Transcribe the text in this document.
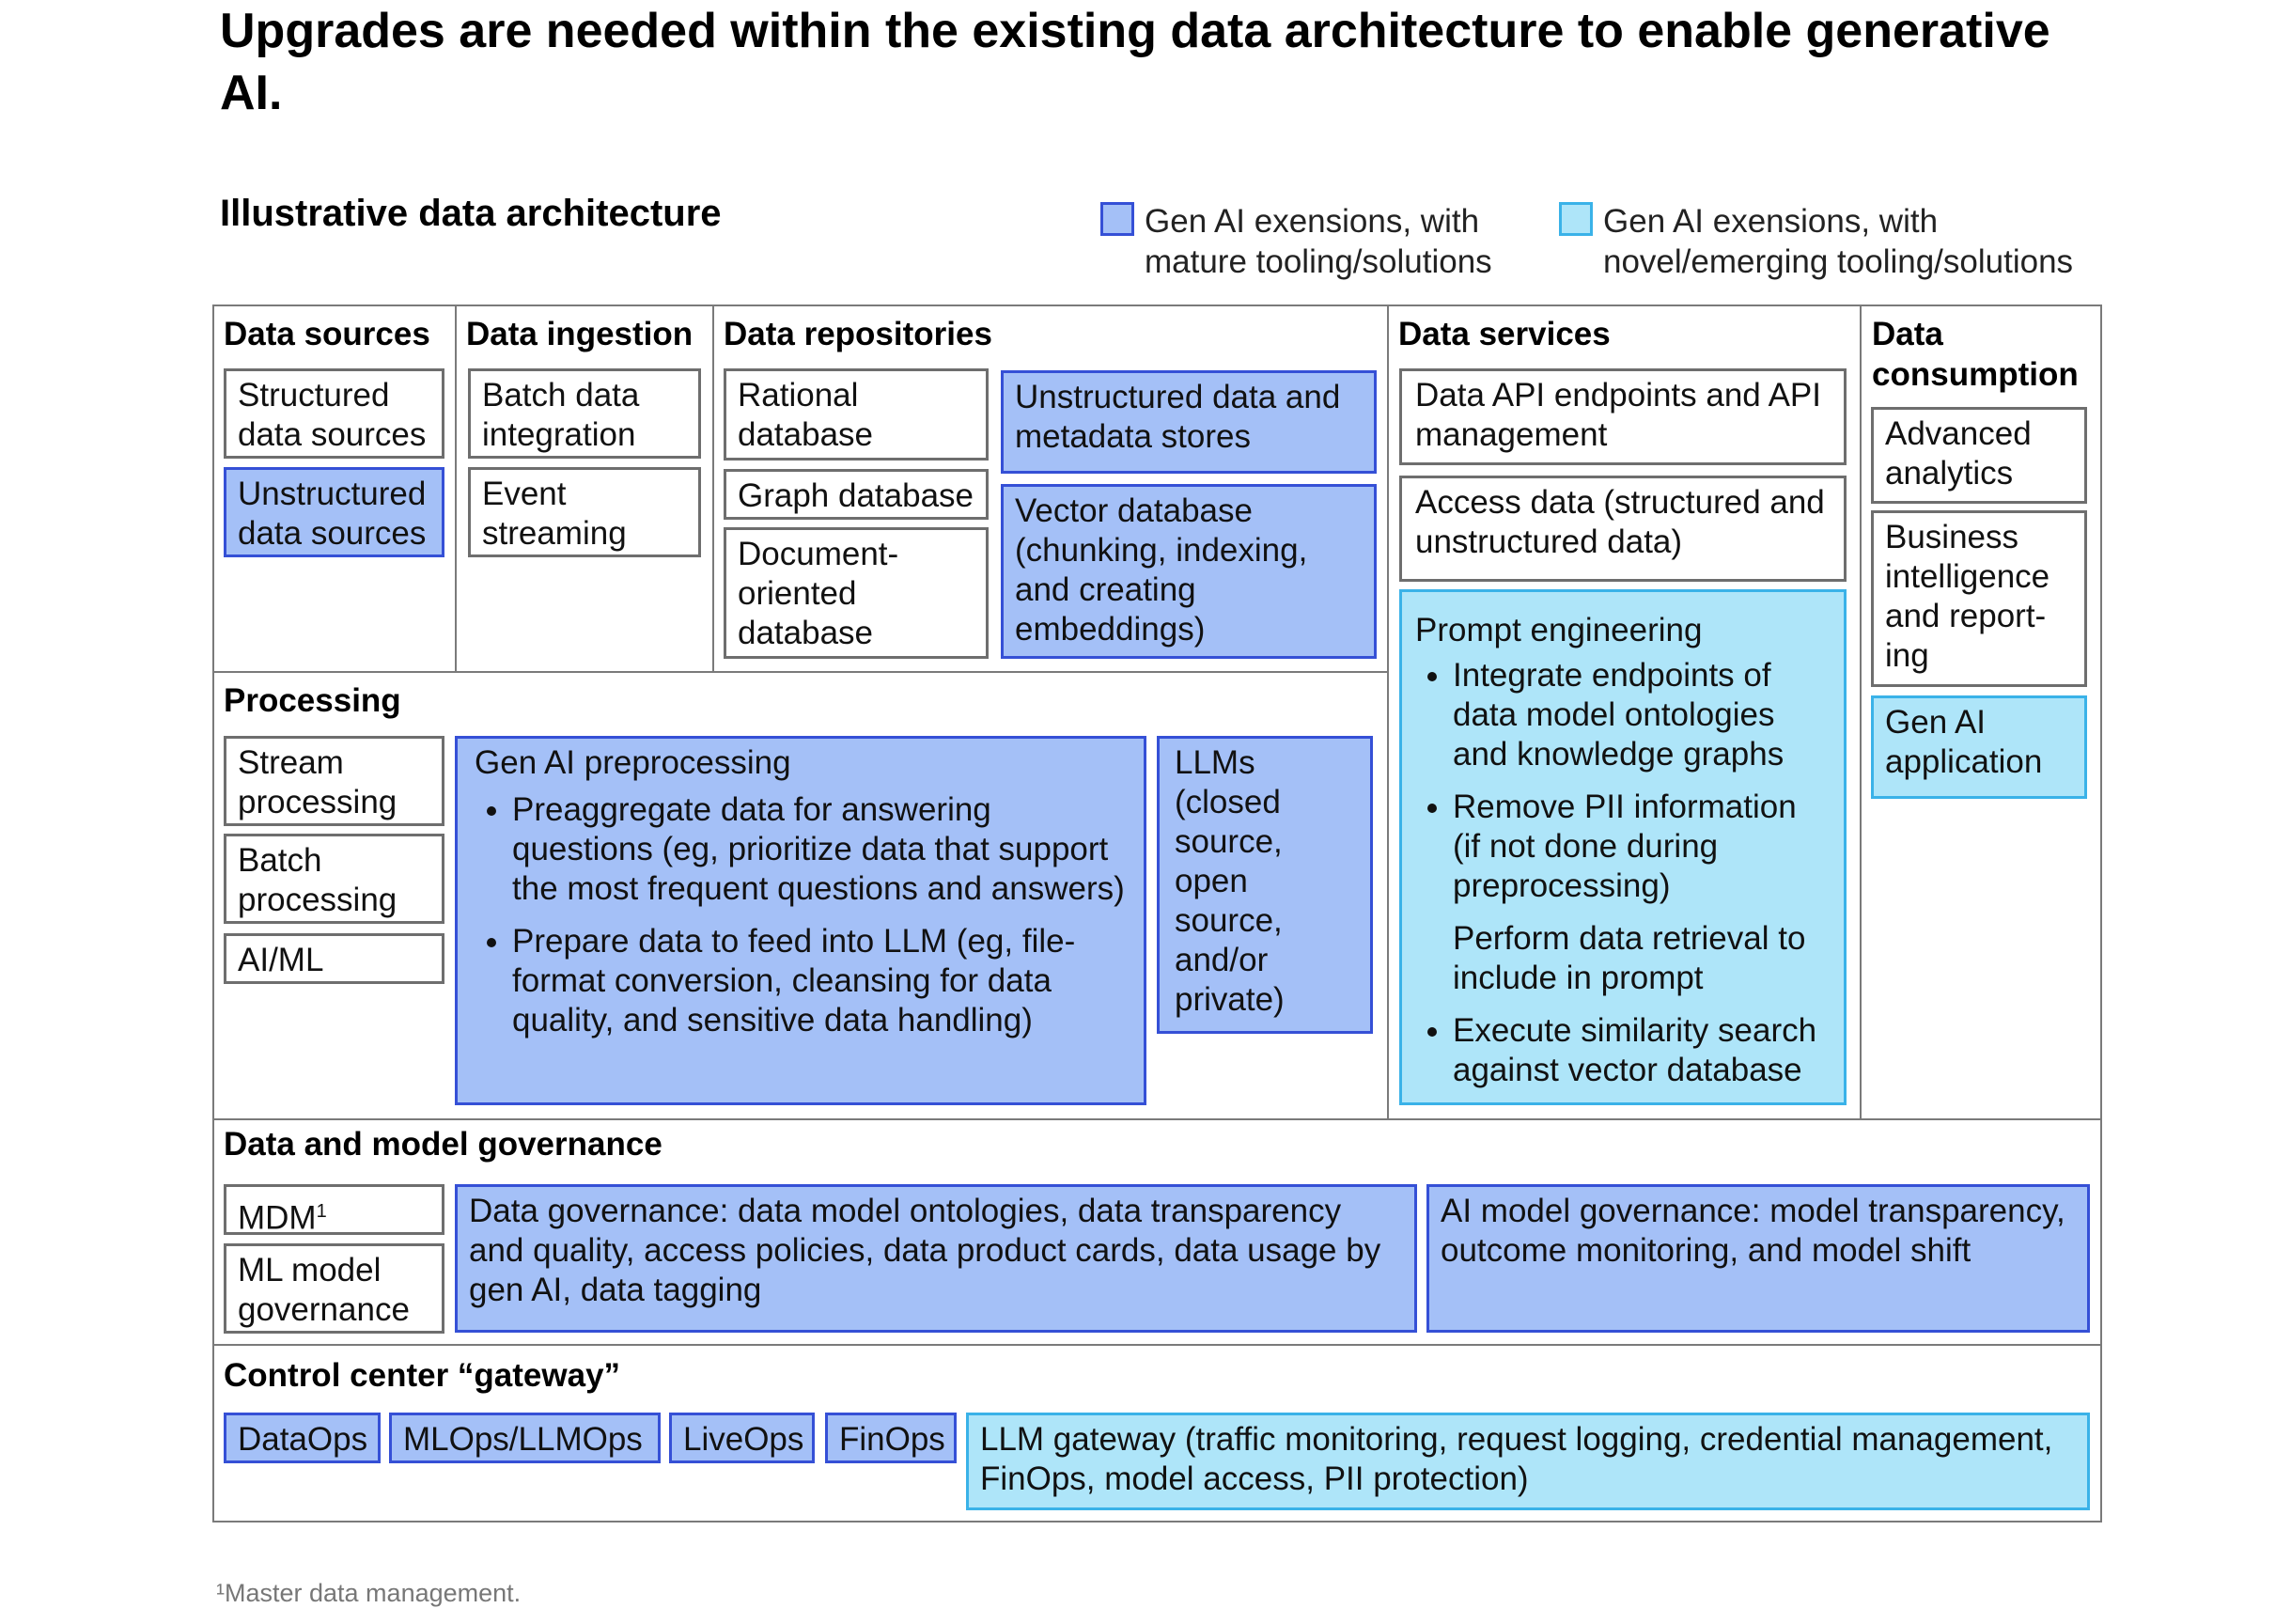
Upgrades are needed within the existing data architecture to enable generative AI.
Illustrative data architecture	Gen AI exensions, with mature tooling/solutions
Gen AI exensions, with novel/emerging tooling/solutions
Data sources
Structured data sources
Unstructured data sources
Data ingestion
Batch data integration
Event streaming
Data repositories
Rational database
Graph database
Document-oriented database
Unstructured data and metadata stores
Vector database (chunking, indexing, and creating embeddings)
Data services
Data API endpoints and API management
Access data (structured and unstructured data)
Prompt engineering
• Integrate endpoints of data model ontologies and knowledge graphs
• Remove PII information (if not done during preprocessing)
Perform data retrieval to include in prompt
• Execute similarity search against vector database
Data consumption
Advanced analytics
Business intelligence and report-ing
Gen AI application
Processing
Stream processing
Batch processing
AI/ML
Gen AI preprocessing
• Preaggregate data for answering questions (eg, prioritize data that support the most frequent questions and answers)
• Prepare data to feed into LLM (eg, file-format conversion, cleansing for data quality, and sensitive data handling)
LLMs (closed source, open source, and/or private)
Data and model governance
MDM$^1$
ML model governance
Data governance: data model ontologies, data transparency and quality, access policies, data product cards, data usage by gen AI, data tagging
AI model governance: model transparency, outcome monitoring, and model shift
Control center “gateway”
DataOps	MLOps/LLMOps	LiveOps	FinOps	LLM gateway (traffic monitoring, request logging, credential management, FinOps, model access, PII protection)
¹Master data management.
